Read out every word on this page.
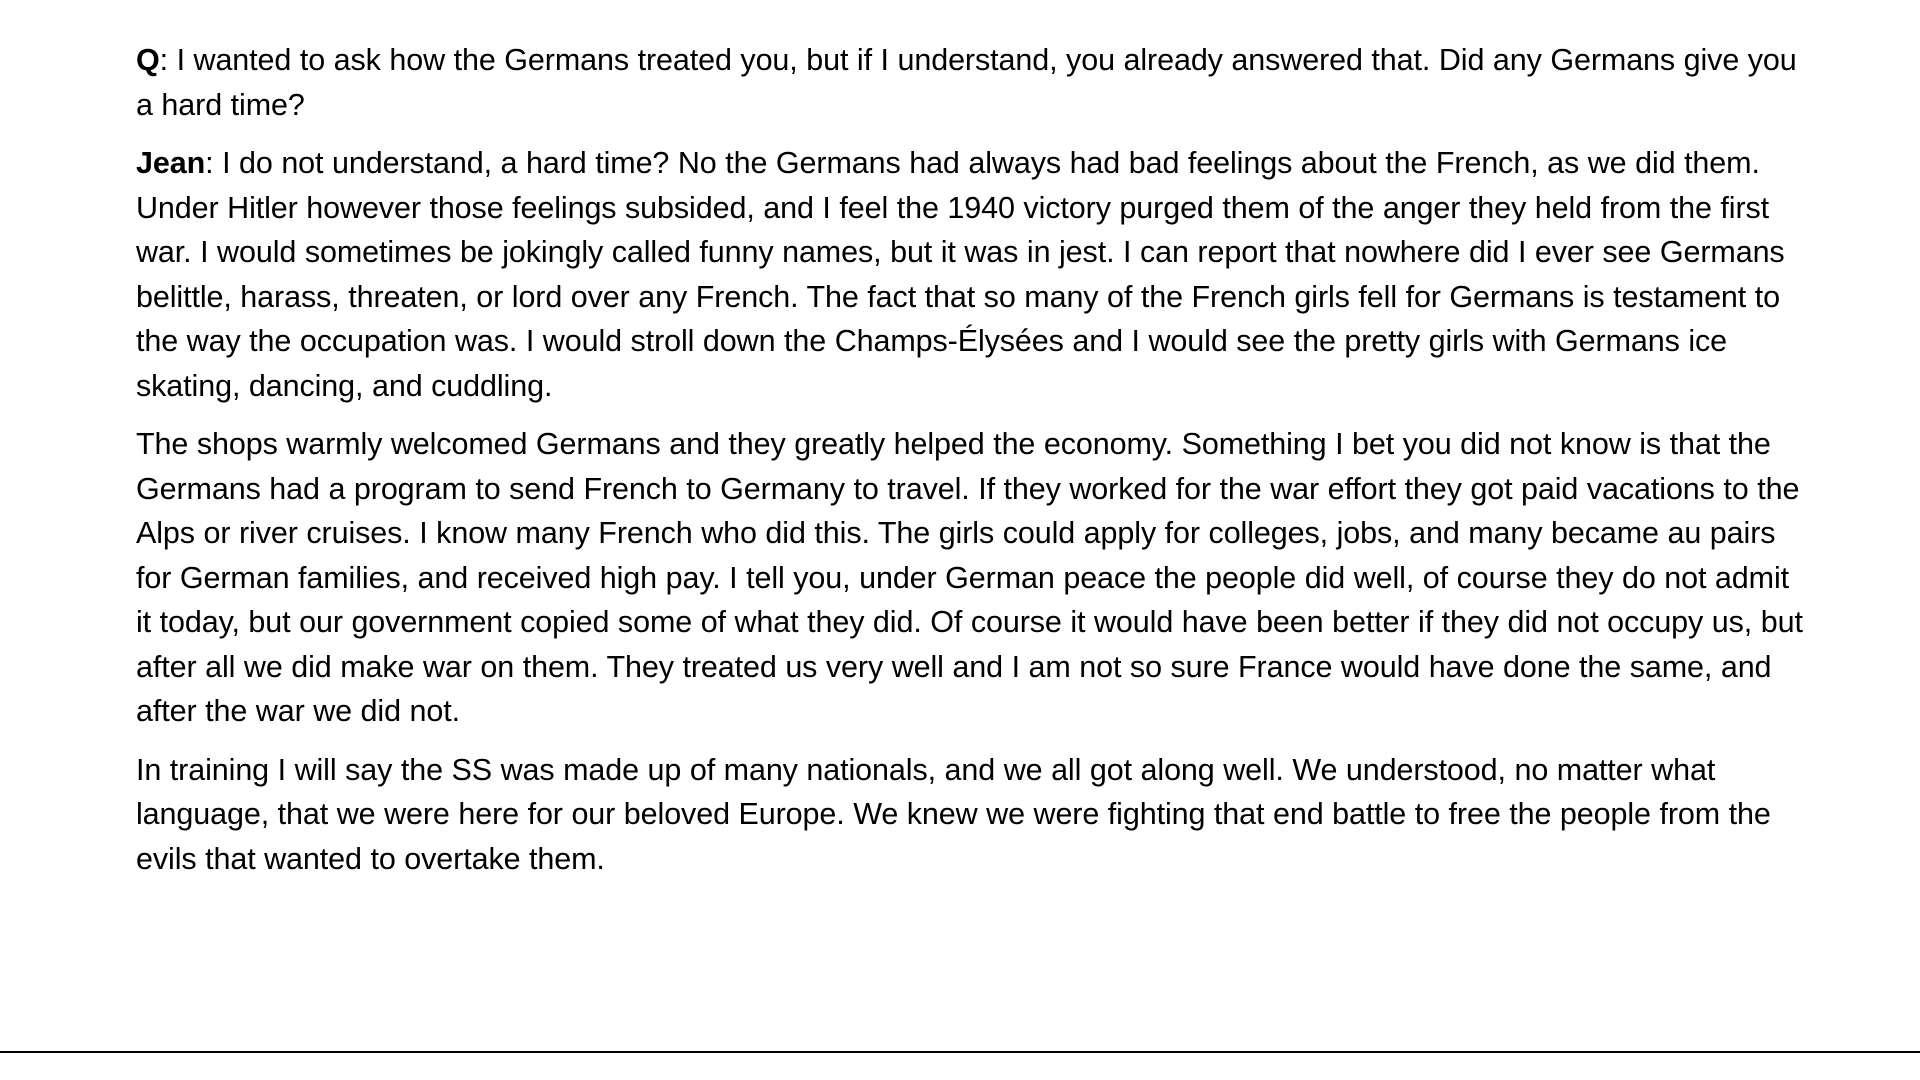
Q: I wanted to ask how the Germans treated you, but if I understand, you already answered that. Did any Germans give you a hard time?

Jean: I do not understand, a hard time? No the Germans had always had bad feelings about the French, as we did them. Under Hitler however those feelings subsided, and I feel the 1940 victory purged them of the anger they held from the first war. I would sometimes be jokingly called funny names, but it was in jest. I can report that nowhere did I ever see Germans belittle, harass, threaten, or lord over any French. The fact that so many of the French girls fell for Germans is testament to the way the occupation was. I would stroll down the Champs-Élysées and I would see the pretty girls with Germans ice skating, dancing, and cuddling.

The shops warmly welcomed Germans and they greatly helped the economy. Something I bet you did not know is that the Germans had a program to send French to Germany to travel. If they worked for the war effort they got paid vacations to the Alps or river cruises. I know many French who did this. The girls could apply for colleges, jobs, and many became au pairs for German families, and received high pay. I tell you, under German peace the people did well, of course they do not admit it today, but our government copied some of what they did. Of course it would have been better if they did not occupy us, but after all we did make war on them. They treated us very well and I am not so sure France would have done the same, and after the war we did not.

In training I will say the SS was made up of many nationals, and we all got along well. We understood, no matter what language, that we were here for our beloved Europe. We knew we were fighting that end battle to free the people from the evils that wanted to overtake them.
